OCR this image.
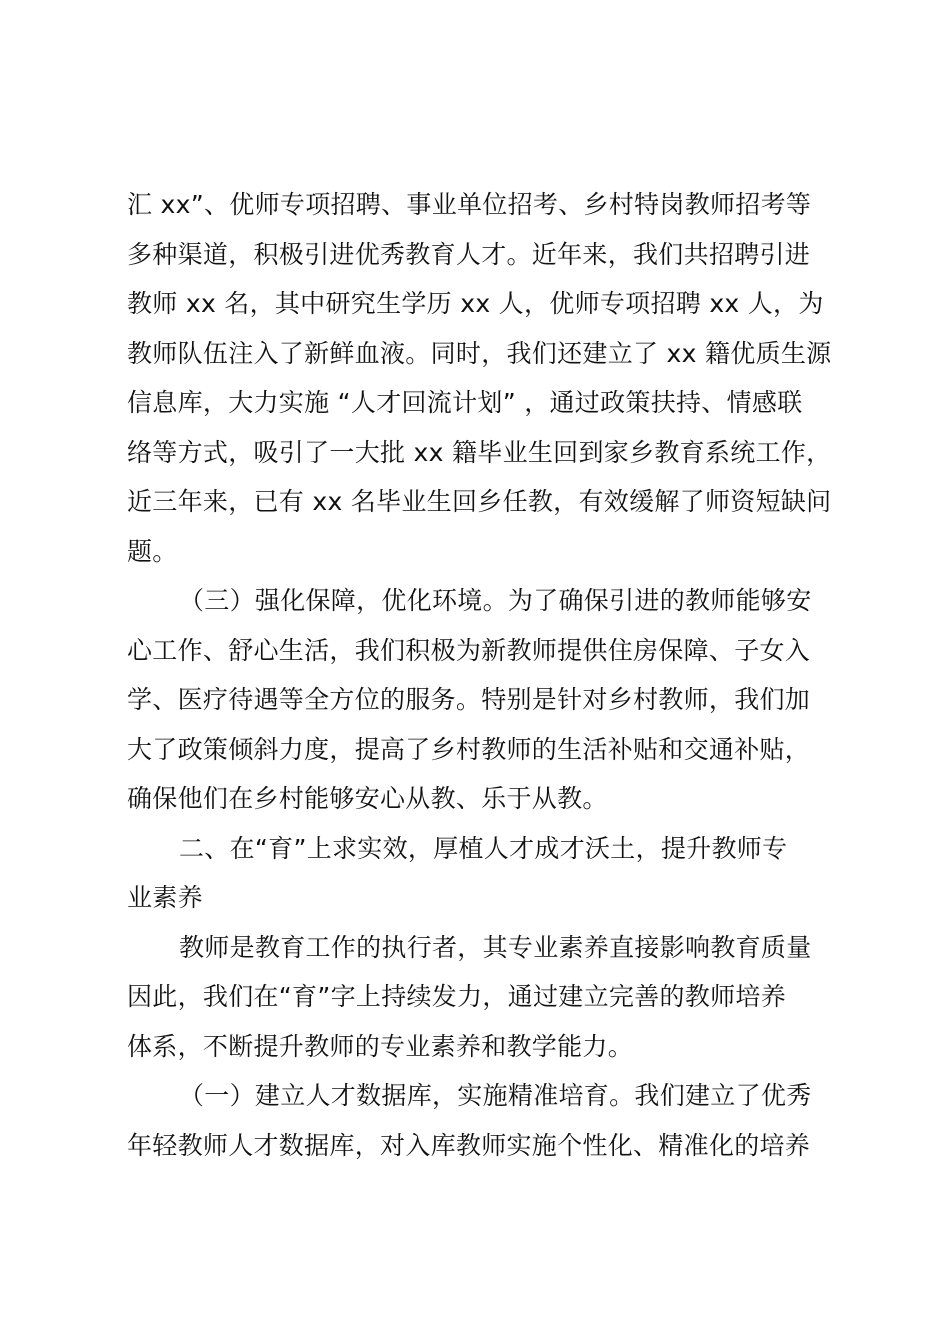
汇 xx”、优师专项招聘、事业单位招考、乡村特岗教师招考等
多种渠道，积极引进优秀教育人才。近年来，我们共招聘引进
教师 xx 名，其中研究生学历 xx 人，优师专项招聘 xx 人，为
教师队伍注入了新鲜血液。同时，我们还建立了 xx 籍优质生源
信息库，大力实施 “人才回流计划” ，通过政策扶持、情感联
络等方式，吸引了一大批 xx 籍毕业生回到家乡教育系统工作，
近三年来，已有 xx 名毕业生回乡任教，有效缓解了师资短缺问
题。
（三）强化保障，优化环境。为了确保引进的教师能够安
心工作、舒心生活，我们积极为新教师提供住房保障、子女入
学、医疗待遇等全方位的服务。特别是针对乡村教师，我们加
大了政策倾斜力度，提高了乡村教师的生活补贴和交通补贴，
确保他们在乡村能够安心从教、乐于从教。
二、在“育”上求实效，厚植人才成才沃土，提升教师专
业素养
教师是教育工作的执行者，其专业素养直接影响教育质量
因此，我们在“育”字上持续发力，通过建立完善的教师培养
体系，不断提升教师的专业素养和教学能力。
（一）建立人才数据库，实施精准培育。我们建立了优秀
年轻教师人才数据库，对入库教师实施个性化、精准化的培养
